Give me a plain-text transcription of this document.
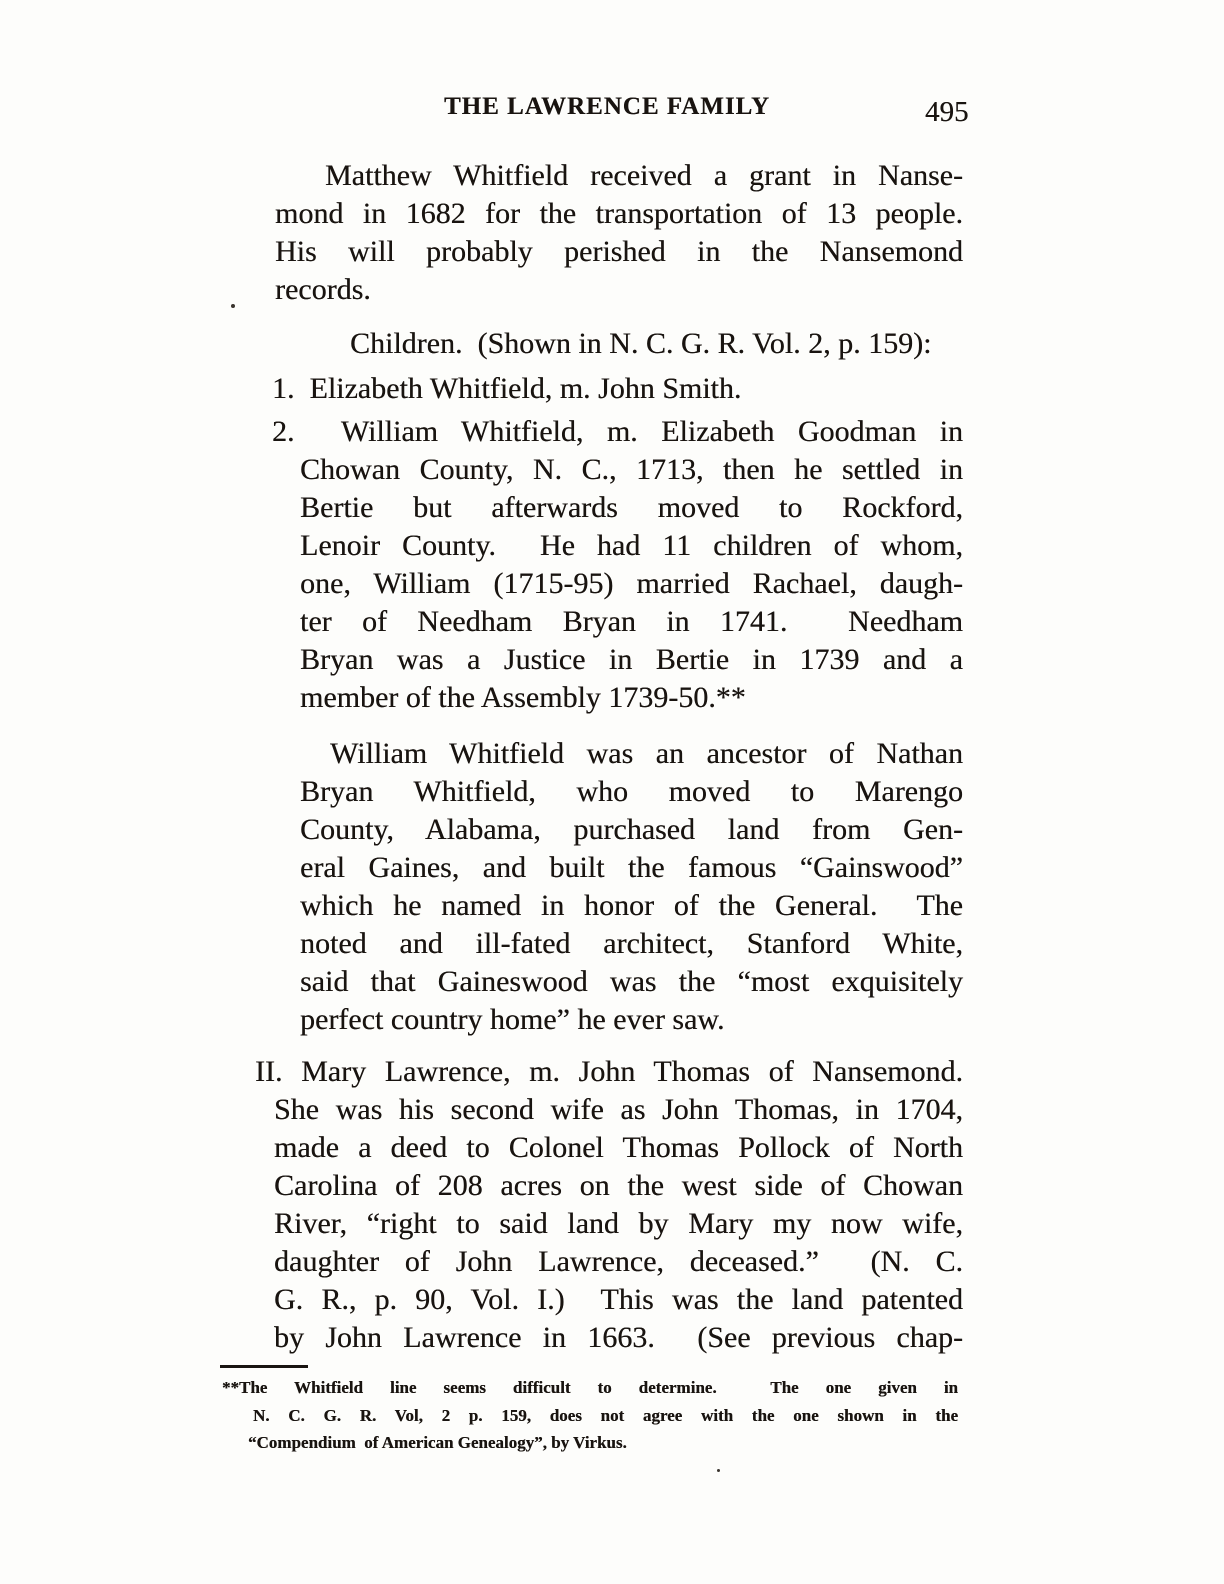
THE LAWRENCE FAMILY	495
Matthew Whitfield received a grant in Nanse-
mond in 1682 for the transportation of 13 people.
His will probably perished in the Nansemond
records.
Children.  (Shown in N. C. G. R. Vol. 2, p. 159):
1.  Elizabeth Whitfield, m. John Smith.
2.  William Whitfield, m. Elizabeth Goodman in
Chowan County, N. C., 1713, then he settled in
Bertie but afterwards moved to Rockford,
Lenoir County.  He had 11 children of whom,
one, William (1715-95) married Rachael, daugh-
ter of Needham Bryan in 1741.  Needham
Bryan was a Justice in Bertie in 1739 and a
member of the Assembly 1739-50.**
William Whitfield was an ancestor of Nathan
Bryan Whitfield, who moved to Marengo
County, Alabama, purchased land from Gen-
eral Gaines, and built the famous “Gainswood”
which he named in honor of the General.  The
noted and ill-fated architect, Stanford White,
said that Gaineswood was the “most exquisitely
perfect country home” he ever saw.
II. Mary Lawrence, m. John Thomas of Nansemond.
She was his second wife as John Thomas, in 1704,
made a deed to Colonel Thomas Pollock of North
Carolina of 208 acres on the west side of Chowan
River, “right to said land by Mary my now wife,
daughter of John Lawrence, deceased.”  (N. C.
G. R., p. 90, Vol. I.)  This was the land patented
by John Lawrence in 1663.  (See previous chap-
**The Whitfield line seems difficult to determine.  The one given in
N. C. G. R. Vol, 2 p. 159, does not agree with the one shown in the
“Compendium  of American Genealogy”, by Virkus.
